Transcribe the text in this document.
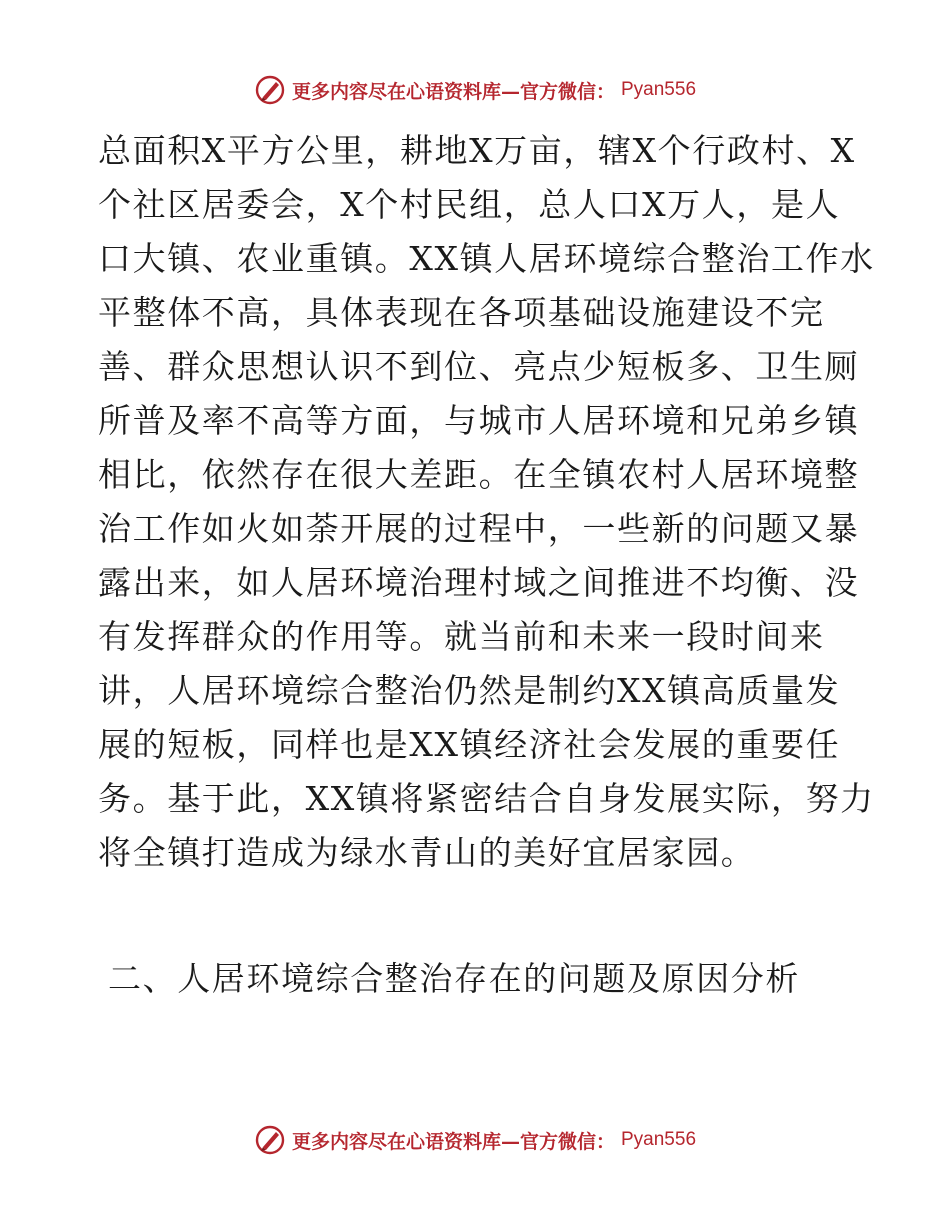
更多内容尽在心语资料库—官方微信： Pyan556
总面积X平方公里，耕地X万亩，辖X个行政村、X
个社区居委会，X个村民组，总人口X万人，是人
口大镇、农业重镇。XX镇人居环境综合整治工作水
平整体不高，具体表现在各项基础设施建设不完
善、群众思想认识不到位、亮点少短板多、卫生厕
所普及率不高等方面，与城市人居环境和兄弟乡镇
相比，依然存在很大差距。在全镇农村人居环境整
治工作如火如荼开展的过程中，一些新的问题又暴
露出来，如人居环境治理村域之间推进不均衡、没
有发挥群众的作用等。就当前和未来一段时间来
讲，人居环境综合整治仍然是制约XX镇高质量发
展的短板，同样也是XX镇经济社会发展的重要任
务。基于此，XX镇将紧密结合自身发展实际，努力
将全镇打造成为绿水青山的美好宜居家园。
二、人居环境综合整治存在的问题及原因分析
更多内容尽在心语资料库—官方微信： Pyan556
